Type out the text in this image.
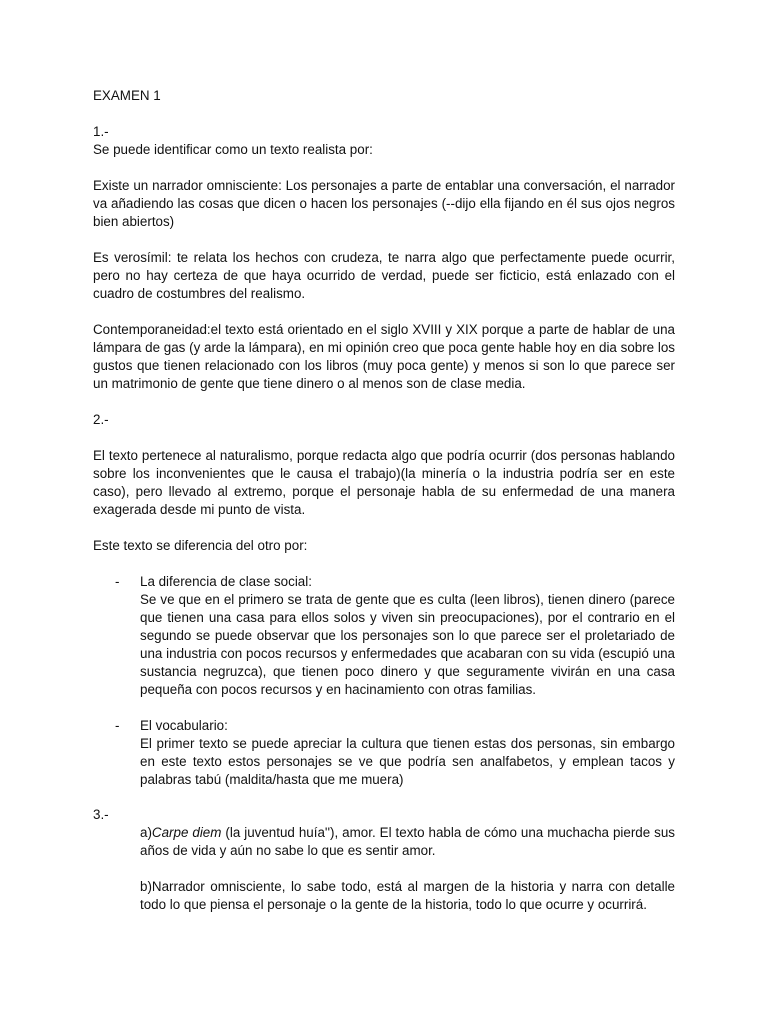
EXAMEN 1

1.-

Se puede identificar como un texto realista por:

Existe un narrador omnisciente: Los personajes a parte de entablar una conversación, el narrador va añadiendo las cosas que dicen o hacen los personajes (--dijo ella fijando en él sus ojos negros bien abiertos)

Es verosímil: te relata los hechos con crudeza, te narra algo que perfectamente puede ocurrir, pero no hay certeza de que haya ocurrido de verdad, puede ser ficticio, está enlazado con el cuadro de costumbres del realismo.

Contemporaneidad:el texto está orientado en el siglo XVIII y XIX porque a parte de hablar de una lámpara de gas (y arde la lámpara), en mi opinión creo que poca gente hable hoy en dia sobre los gustos que tienen relacionado con los libros (muy poca gente) y menos si son lo que parece ser un matrimonio de gente que tiene dinero o al menos son de clase media.

2.-

El texto pertenece al naturalismo, porque redacta algo que podría ocurrir (dos personas hablando sobre los inconvenientes que le causa el trabajo)(la minería o la industria podría ser en este caso), pero llevado al extremo, porque el personaje habla de su enfermedad de una manera exagerada desde mi punto de vista.

Este texto se diferencia del otro por:

- La diferencia de clase social:

Se ve que en el primero se trata de gente que es culta (leen libros), tienen dinero (parece que tienen una casa para ellos solos y viven sin preocupaciones), por el contrario en el segundo se puede observar que los personajes son lo que parece ser el proletariado de una industria con pocos recursos y enfermedades que acabaran con su vida (escupió una sustancia negruzca), que tienen poco dinero y que seguramente vivirán en una casa pequeña con pocos recursos y en hacinamiento con otras familias.

- El vocabulario:

El primer texto se puede apreciar la cultura que tienen estas dos personas, sin embargo en este texto estos personajes se ve que podría sen analfabetos, y emplean tacos y palabras tabú (maldita/hasta que me muera)

3.-

a)Carpe diem (la juventud huía''), amor. El texto habla de cómo una muchacha pierde sus años de vida y aún no sabe lo que es sentir amor.

b)Narrador omnisciente, lo sabe todo, está al margen de la historia y narra con detalle todo lo que piensa el personaje o la gente de la historia, todo lo que ocurre y ocurrirá.
